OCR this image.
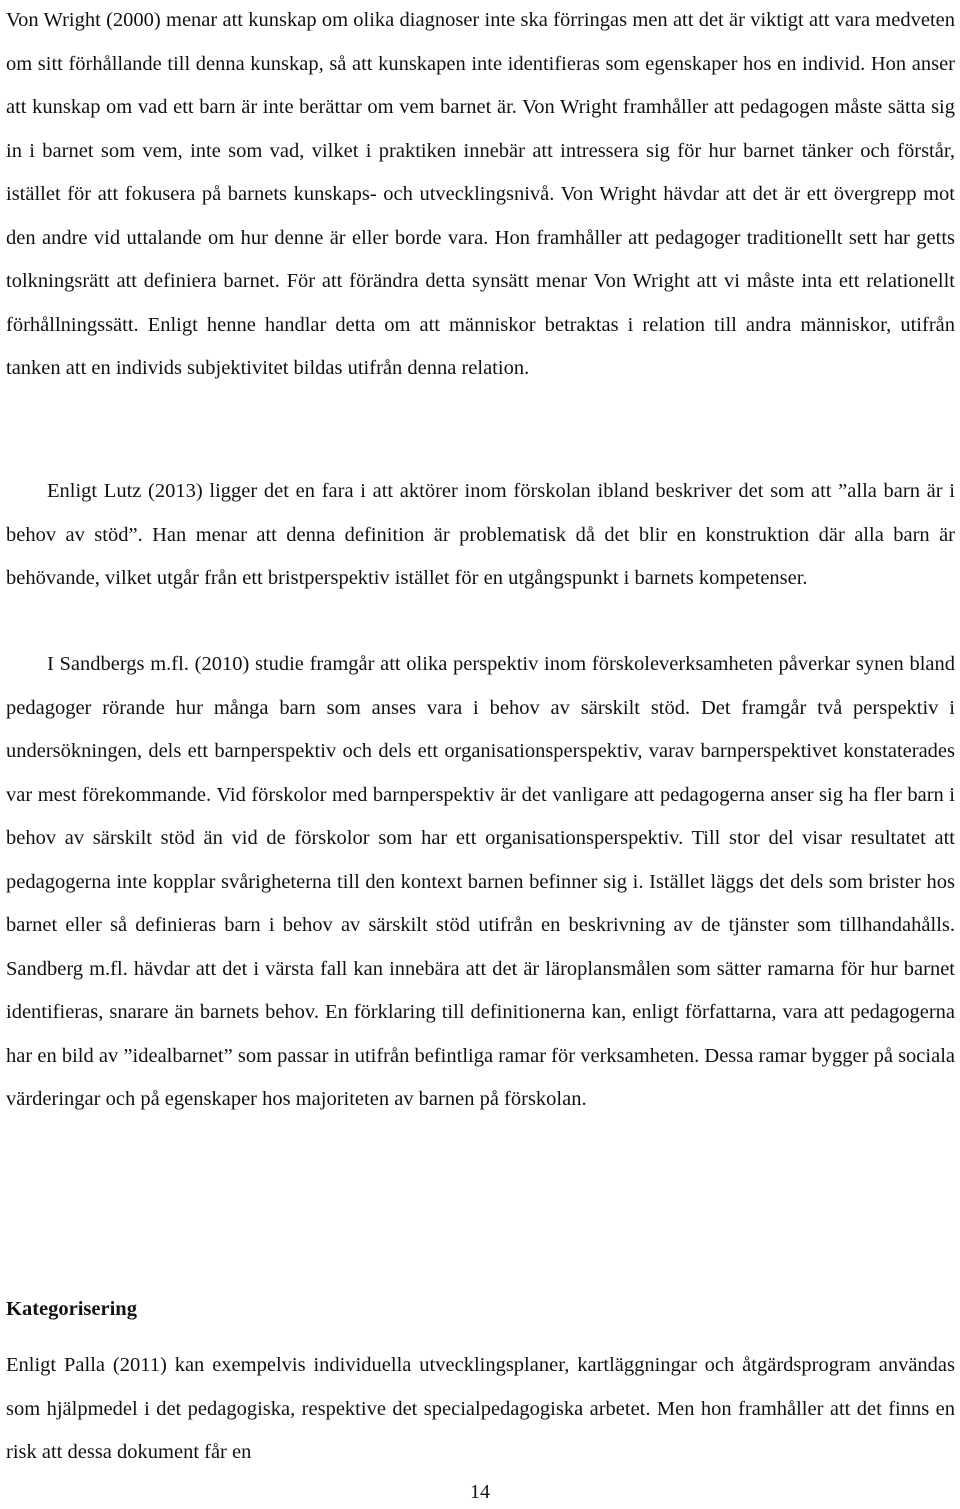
Von Wright (2000) menar att kunskap om olika diagnoser inte ska förringas men att det är viktigt att vara medveten om sitt förhållande till denna kunskap, så att kunskapen inte identifieras som egenskaper hos en individ. Hon anser att kunskap om vad ett barn är inte berättar om vem barnet är. Von Wright framhåller att pedagogen måste sätta sig in i barnet som vem, inte som vad, vilket i praktiken innebär att intressera sig för hur barnet tänker och förstår, istället för att fokusera på barnets kunskaps- och utvecklingsnivå. Von Wright hävdar att det är ett övergrepp mot den andre vid uttalande om hur denne är eller borde vara. Hon framhåller att pedagoger traditionellt sett har getts tolkningsrätt att definiera barnet. För att förändra detta synsätt menar Von Wright att vi måste inta ett relationellt förhållningssätt. Enligt henne handlar detta om att människor betraktas i relation till andra människor, utifrån tanken att en individs subjektivitet bildas utifrån denna relation.

Enligt Lutz (2013) ligger det en fara i att aktörer inom förskolan ibland beskriver det som att ”alla barn är i behov av stöd”. Han menar att denna definition är problematisk då det blir en konstruktion där alla barn är behövande, vilket utgår från ett bristperspektiv istället för en utgångspunkt i barnets kompetenser.

I Sandbergs m.fl. (2010) studie framgår att olika perspektiv inom förskoleverksamheten påverkar synen bland pedagoger rörande hur många barn som anses vara i behov av särskilt stöd. Det framgår två perspektiv i undersökningen, dels ett barnperspektiv och dels ett organisationsperspektiv, varav barnperspektivet konstaterades var mest förekommande. Vid förskolor med barnperspektiv är det vanligare att pedagogerna anser sig ha fler barn i behov av särskilt stöd än vid de förskolor som har ett organisationsperspektiv. Till stor del visar resultatet att pedagogerna inte kopplar svårigheterna till den kontext barnen befinner sig i. Istället läggs det dels som brister hos barnet eller så definieras barn i behov av särskilt stöd utifrån en beskrivning av de tjänster som tillhandahålls. Sandberg m.fl. hävdar att det i värsta fall kan innebära att det är läroplansmålen som sätter ramarna för hur barnet identifieras, snarare än barnets behov. En förklaring till definitionerna kan, enligt författarna, vara att pedagogerna har en bild av ”idealbarnet” som passar in utifrån befintliga ramar för verksamheten. Dessa ramar bygger på sociala värderingar och på egenskaper hos majoriteten av barnen på förskolan.

Kategorisering

Enligt Palla (2011) kan exempelvis individuella utvecklingsplaner, kartläggningar och åtgärdsprogram användas som hjälpmedel i det pedagogiska, respektive det specialpedagogiska arbetet. Men hon framhåller att det finns en risk att dessa dokument får en

14
